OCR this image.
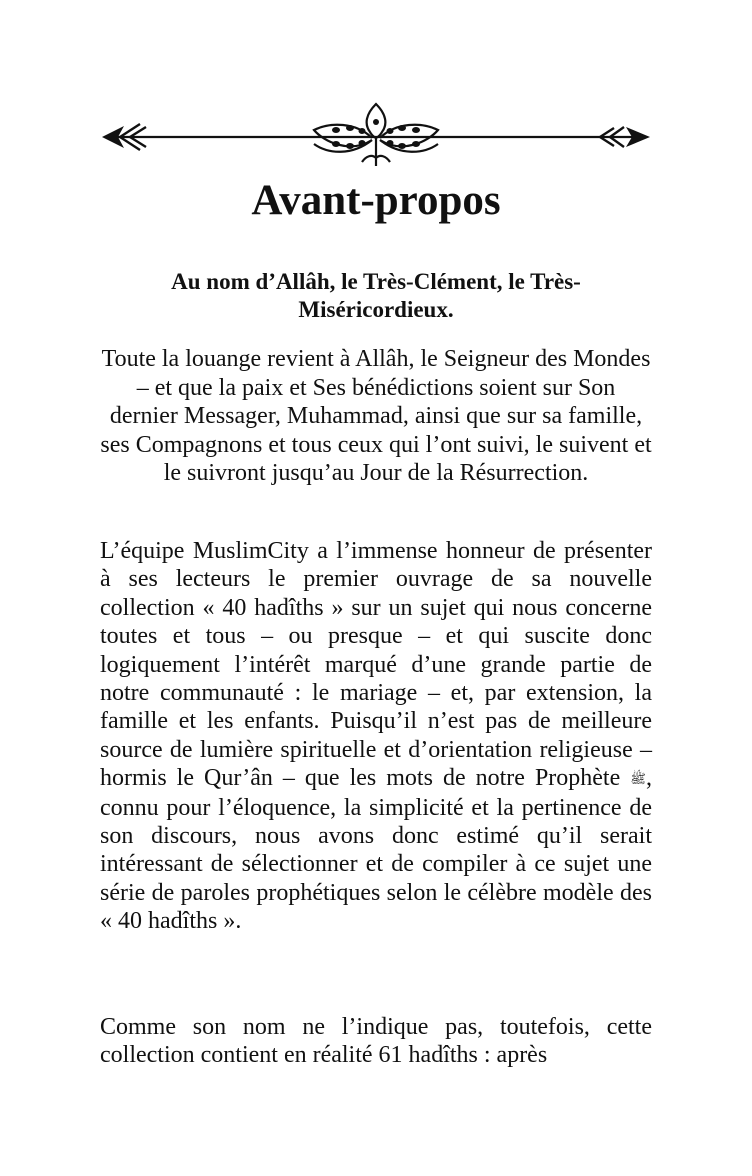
Avant-propos
Au nom d’Allâh, le Très-Clément, le Très-Miséricordieux.
Toute la louange revient à Allâh, le Seigneur des Mondes – et que la paix et Ses bénédictions soient sur Son dernier Messager, Muhammad, ainsi que sur sa famille, ses Compagnons et tous ceux qui l’ont suivi, le suivent et le suivront jusqu’au Jour de la Résurrection.
L’équipe MuslimCity a l’immense honneur de présenter à ses lecteurs le premier ouvrage de sa nouvelle collection « 40 hadîths » sur un sujet qui nous concerne toutes et tous – ou presque – et qui suscite donc logiquement l’intérêt marqué d’une grande partie de notre communauté : le mariage – et, par extension, la famille et les enfants. Puisqu’il n’est pas de meilleure source de lumière spirituelle et d’orientation religieuse – hormis le Qur’ân – que les mots de notre Prophète ﷺ, connu pour l’éloquence, la simplicité et la pertinence de son discours, nous avons donc estimé qu’il serait intéressant de sélectionner et de compiler à ce sujet une série de paroles prophétiques selon le célèbre modèle des « 40 hadîths ».
Comme son nom ne l’indique pas, toutefois, cette collection contient en réalité 61 hadîths : après
